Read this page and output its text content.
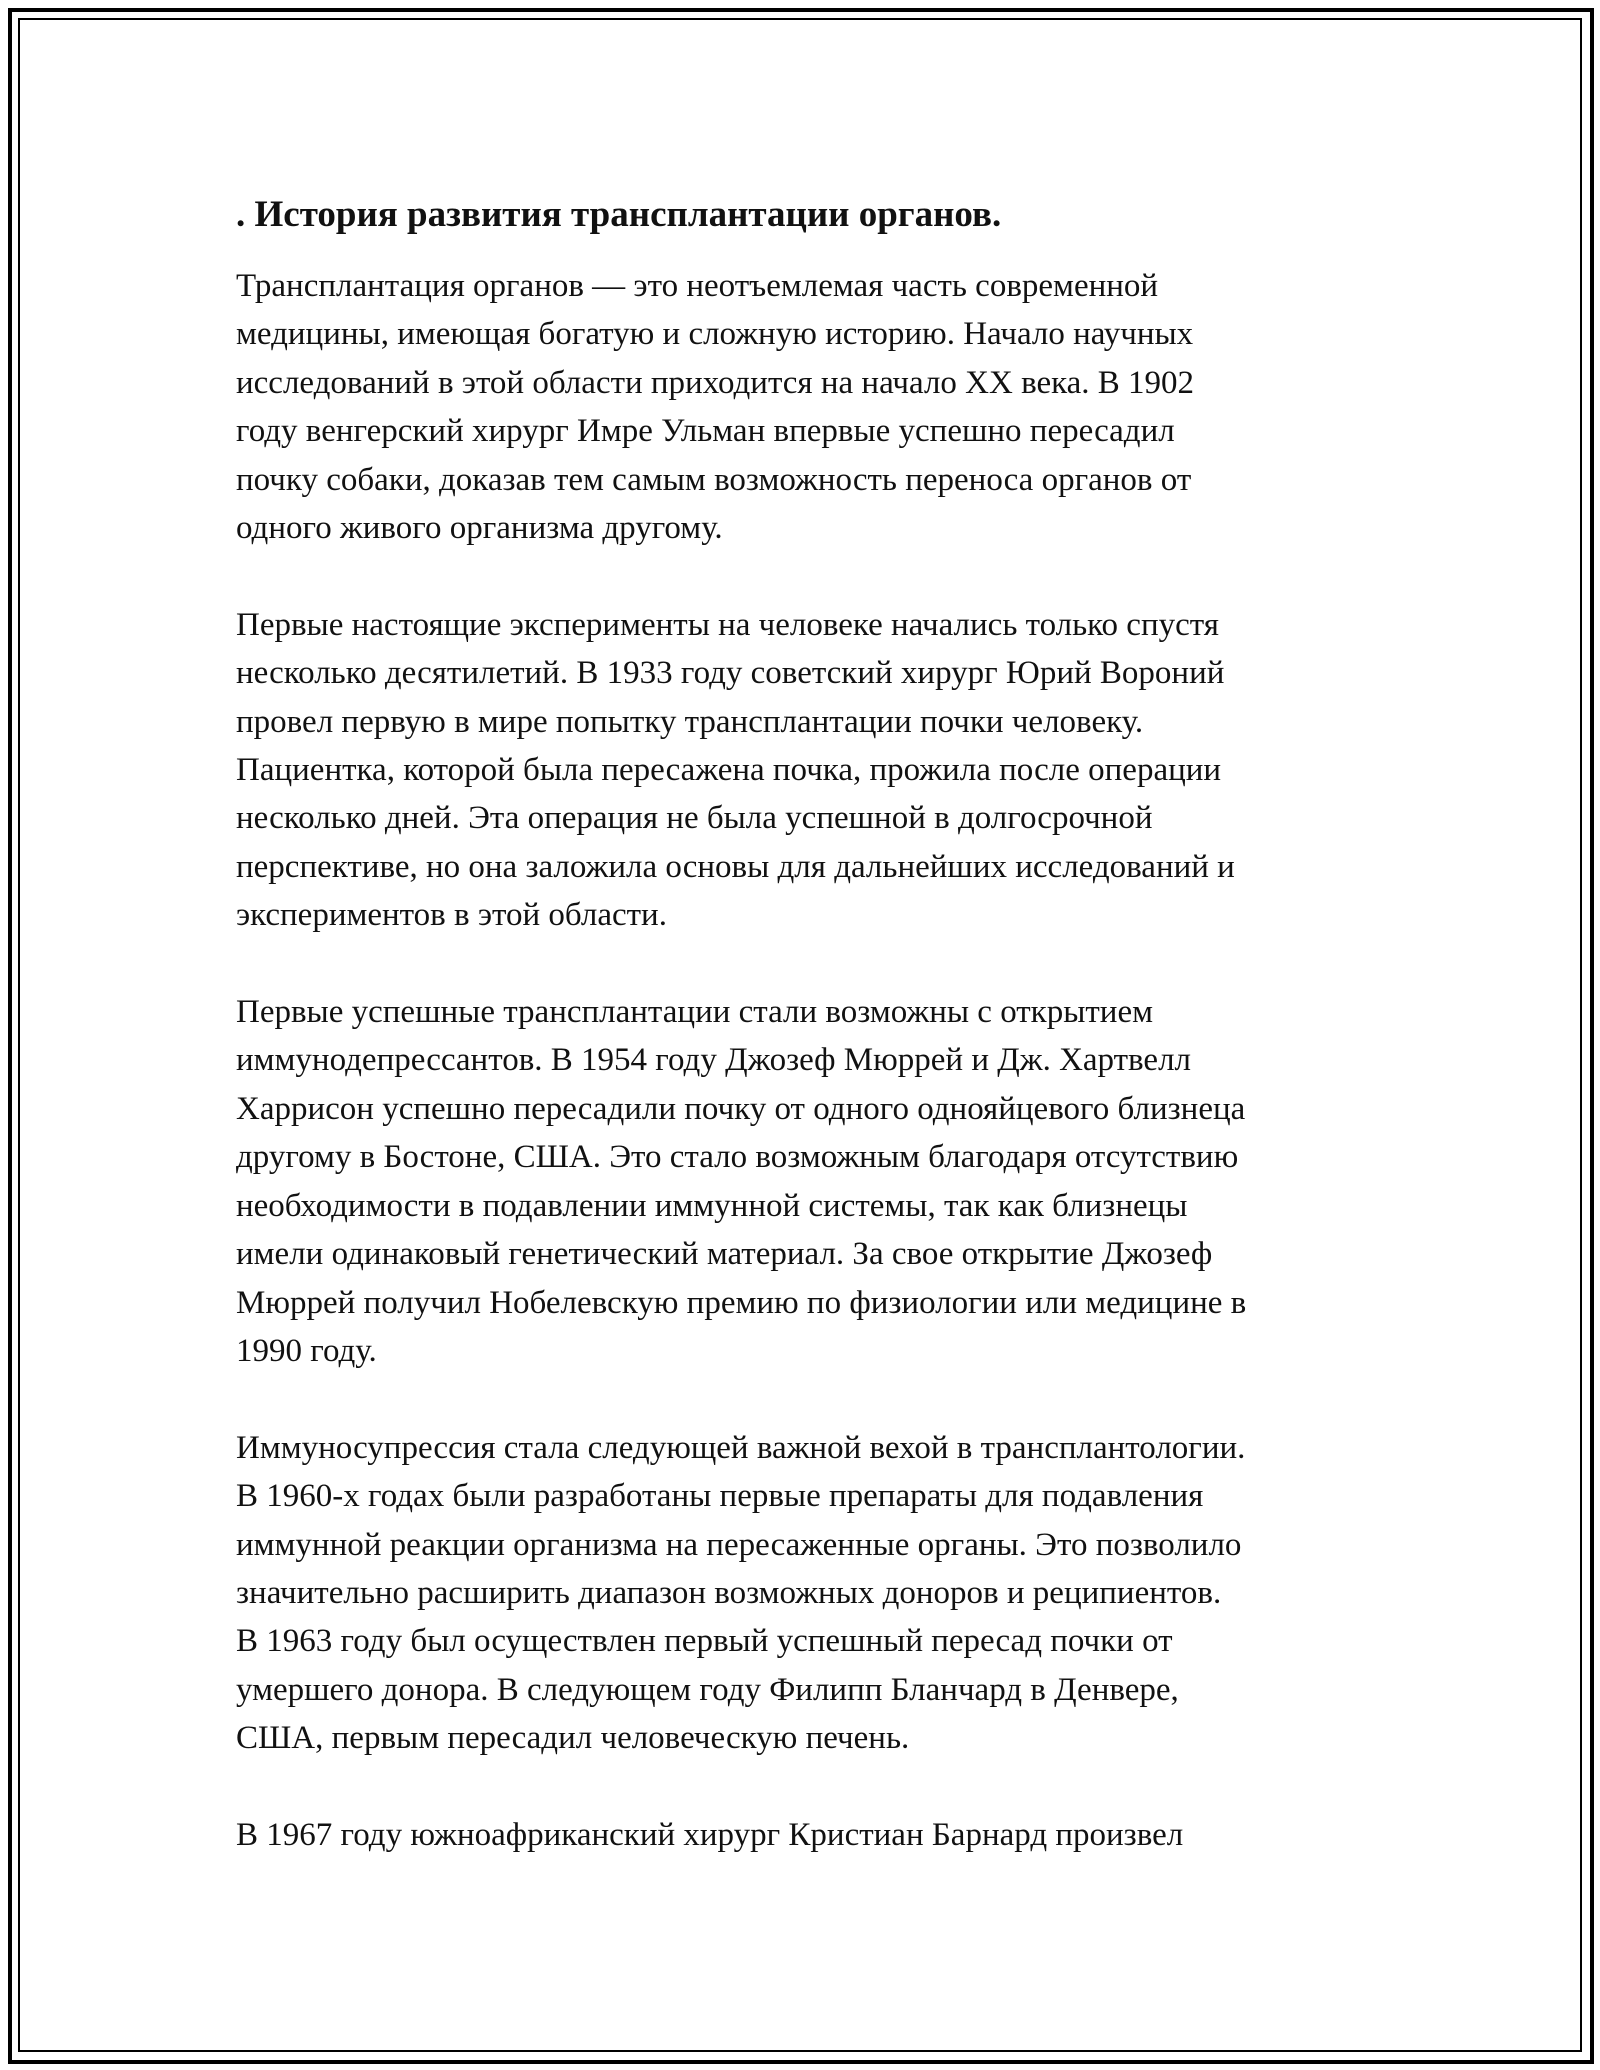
. История развития трансплантации органов.
Трансплантация органов — это неотъемлемая часть современной
медицины, имеющая богатую и сложную историю. Начало научных
исследований в этой области приходится на начало XX века. В 1902
году венгерский хирург Имре Ульман впервые успешно пересадил
почку собаки, доказав тем самым возможность переноса органов от
одного живого организма другому.
Первые настоящие эксперименты на человеке начались только спустя
несколько десятилетий. В 1933 году советский хирург Юрий Вороний
провел первую в мире попытку трансплантации почки человеку.
Пациентка, которой была пересажена почка, прожила после операции
несколько дней. Эта операция не была успешной в долгосрочной
перспективе, но она заложила основы для дальнейших исследований и
экспериментов в этой области.
Первые успешные трансплантации стали возможны с открытием
иммунодепрессантов. В 1954 году Джозеф Мюррей и Дж. Хартвелл
Харрисон успешно пересадили почку от одного однояйцевого близнеца
другому в Бостоне, США. Это стало возможным благодаря отсутствию
необходимости в подавлении иммунной системы, так как близнецы
имели одинаковый генетический материал. За свое открытие Джозеф
Мюррей получил Нобелевскую премию по физиологии или медицине в
1990 году.
Иммуносупрессия стала следующей важной вехой в трансплантологии.
В 1960-х годах были разработаны первые препараты для подавления
иммунной реакции организма на пересаженные органы. Это позволило
значительно расширить диапазон возможных доноров и реципиентов.
В 1963 году был осуществлен первый успешный пересад почки от
умершего донора. В следующем году Филипп Бланчард в Денвере,
США, первым пересадил человеческую печень.
В 1967 году южноафриканский хирург Кристиан Барнард произвел
